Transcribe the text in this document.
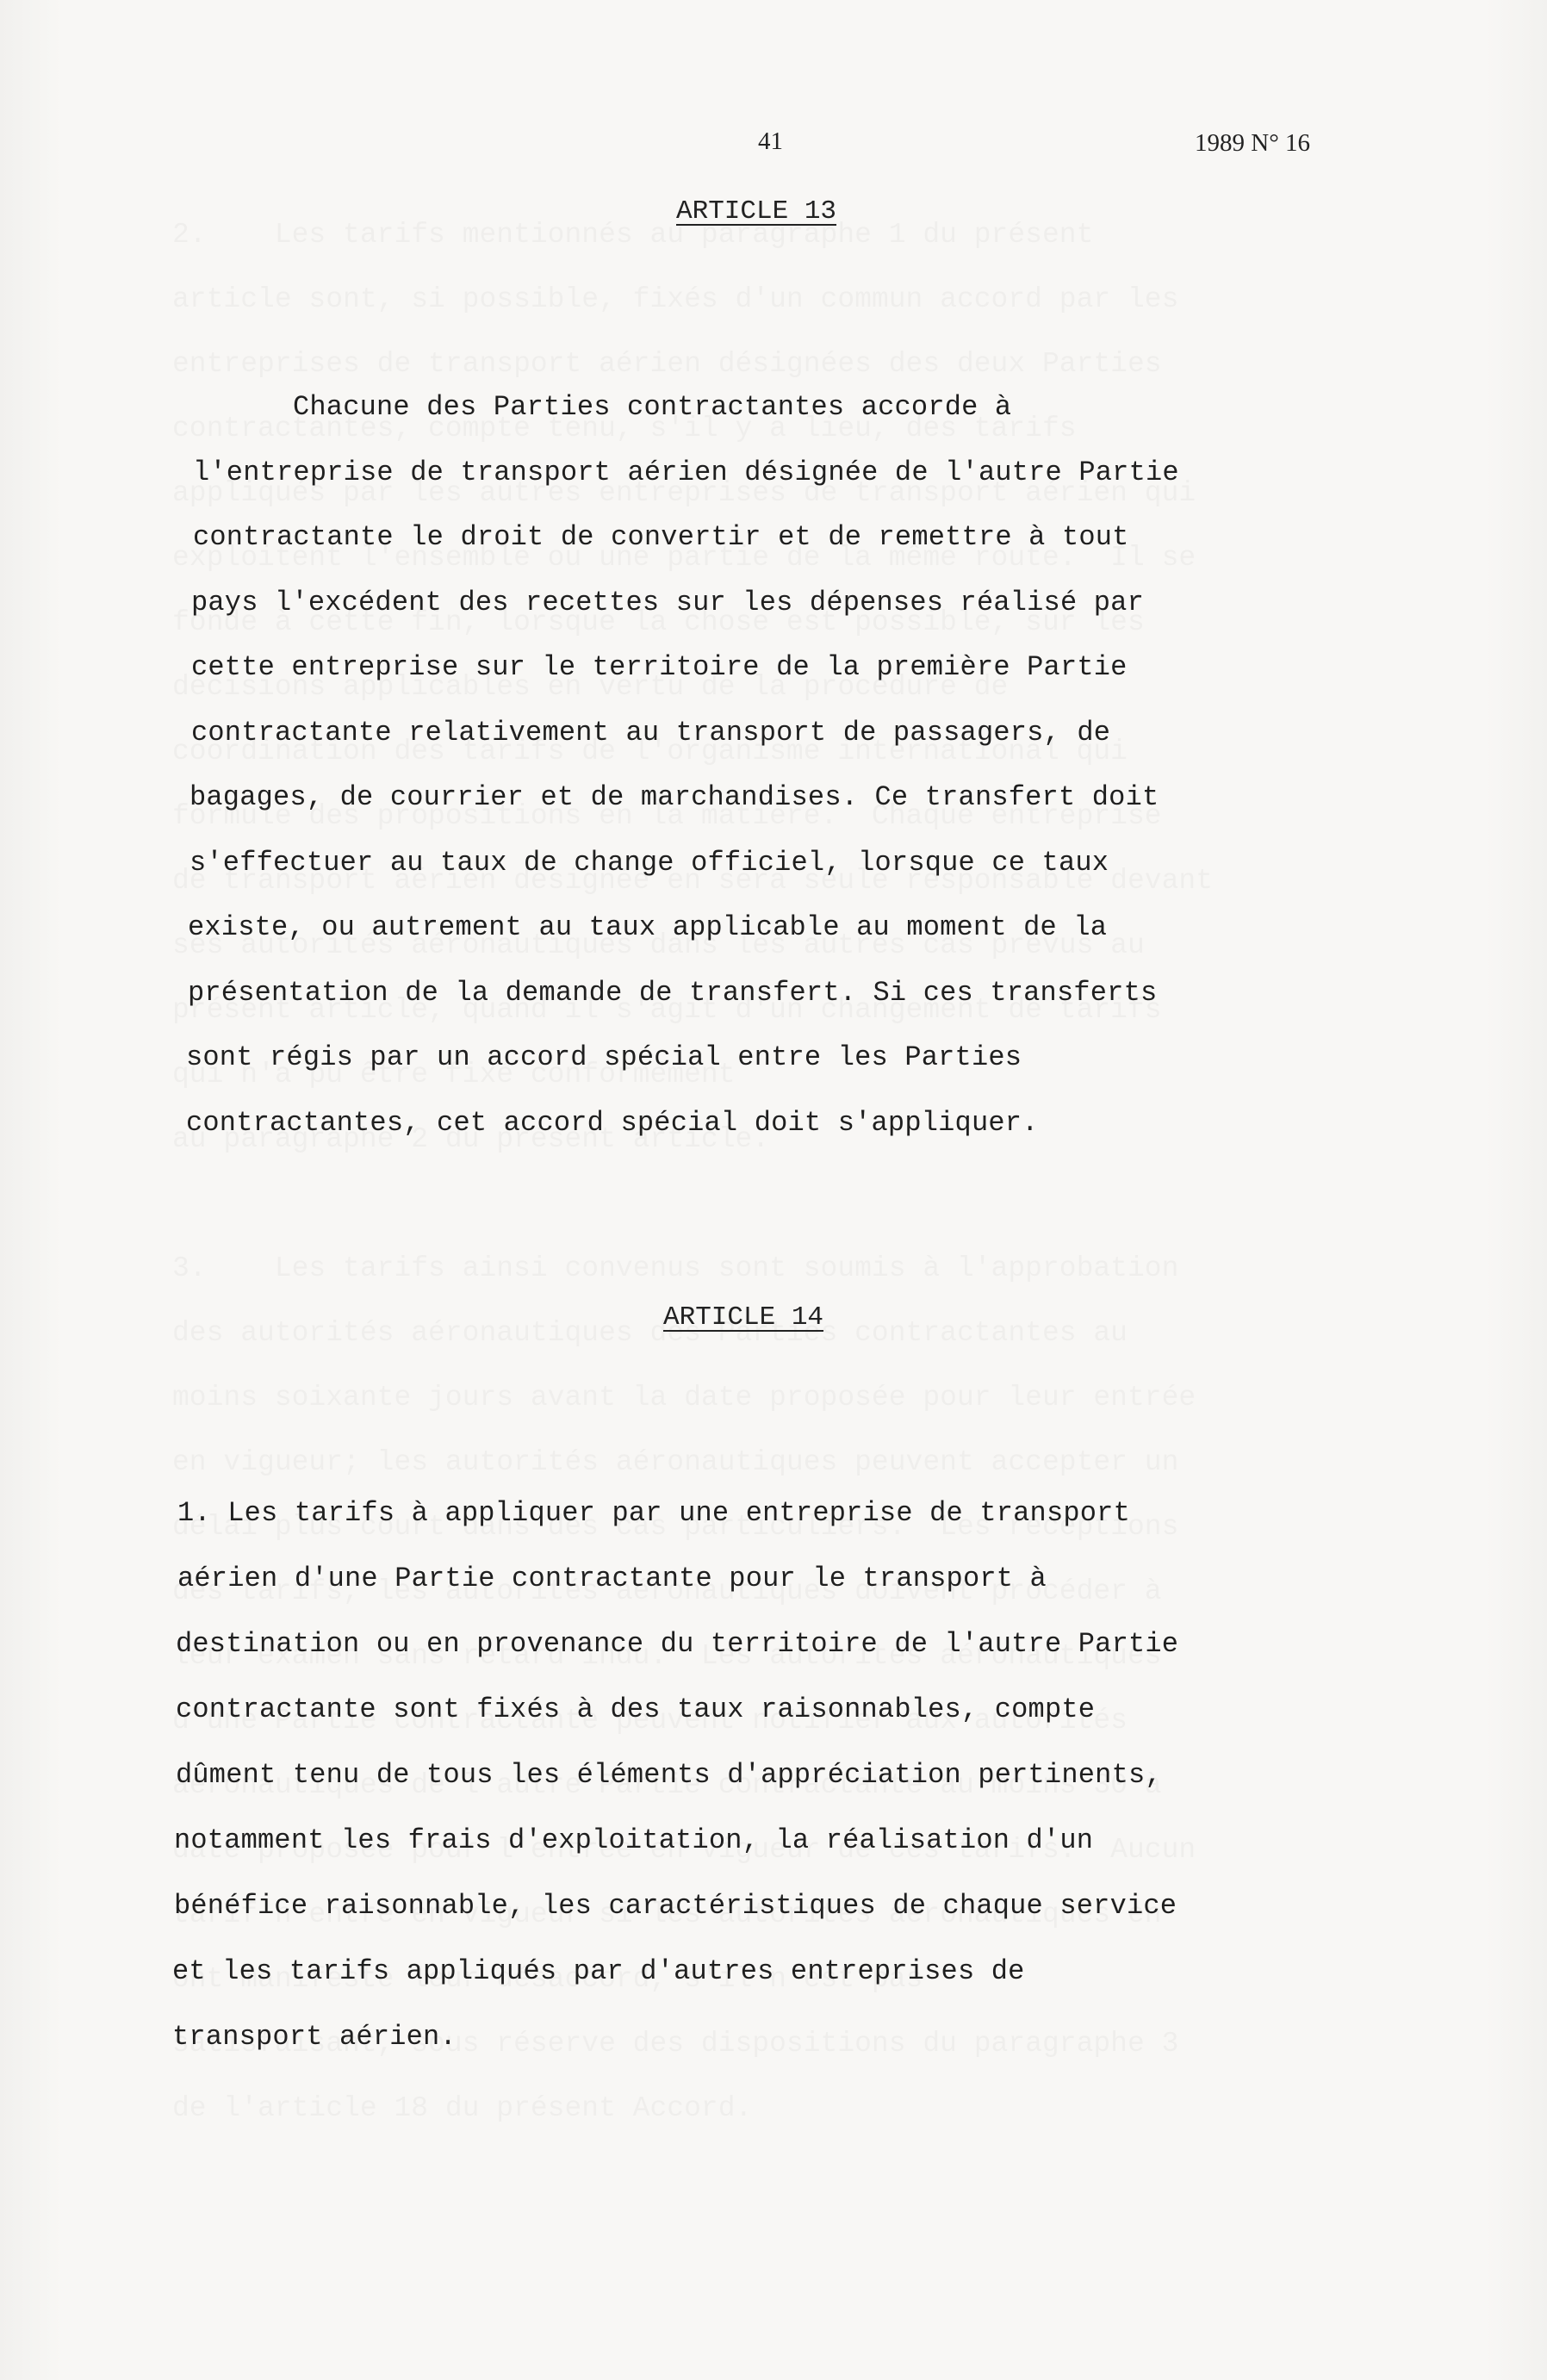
41	1989 N° 16
ARTICLE 13
Chacune des Parties contractantes accorde à
l'entreprise de transport aérien désignée de l'autre Partie
contractante le droit de convertir et de remettre à tout
pays l'excédent des recettes sur les dépenses réalisé par
cette entreprise sur le territoire de la première Partie
contractante relativement au transport de passagers, de
bagages, de courrier et de marchandises. Ce transfert doit
s'effectuer au taux de change officiel, lorsque ce taux
existe, ou autrement au taux applicable au moment de la
présentation de la demande de transfert. Si ces transferts
sont régis par un accord spécial entre les Parties
contractantes, cet accord spécial doit s'appliquer.
ARTICLE 14
1. Les tarifs à appliquer par une entreprise de transport
aérien d'une Partie contractante pour le transport à
destination ou en provenance du territoire de l'autre Partie
contractante sont fixés à des taux raisonnables, compte
dûment tenu de tous les éléments d'appréciation pertinents,
notamment les frais d'exploitation, la réalisation d'un
bénéfice raisonnable, les caractéristiques de chaque service
et les tarifs appliqués par d'autres entreprises de
transport aérien.
